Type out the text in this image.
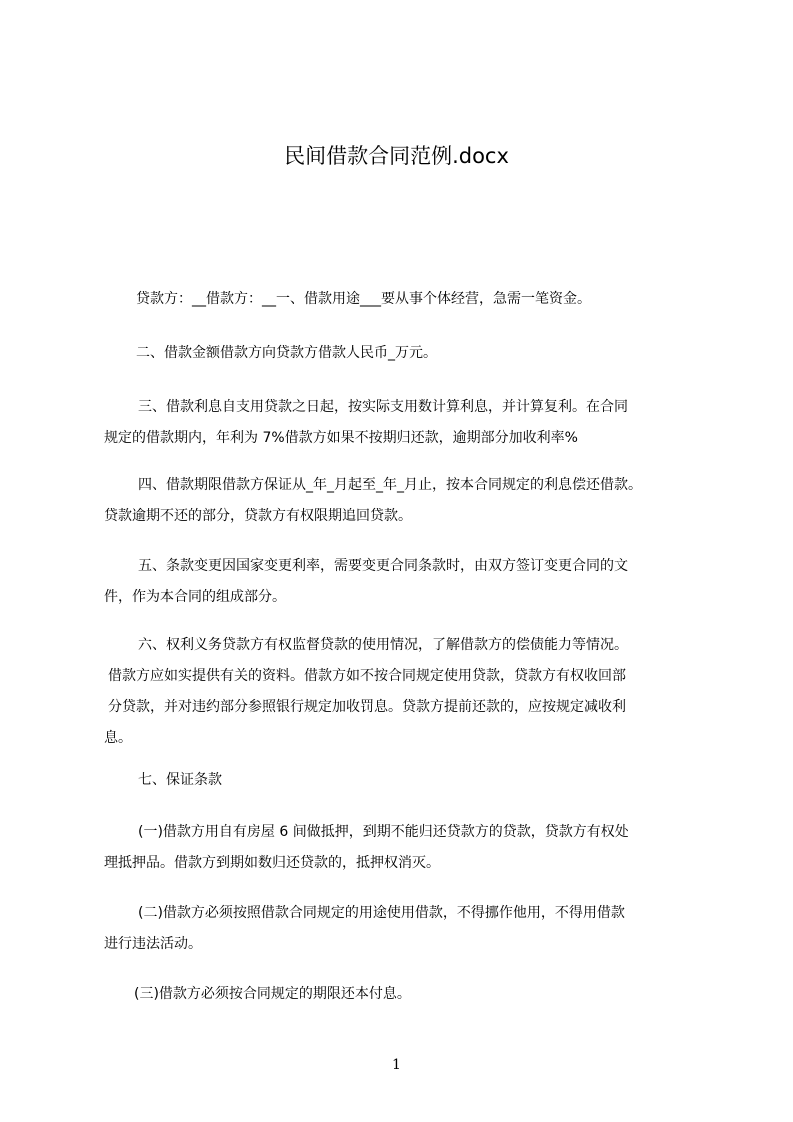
民间借款合同范例.docx
贷款方：__借款方：__一、借款用途___要从事个体经营，急需一笔资金。
二、借款金额借款方向贷款方借款人民币_万元。
三、借款利息自支用贷款之日起，按实际支用数计算利息，并计算复利。在合同
规定的借款期内，年利为 7%借款方如果不按期归还款，逾期部分加收利率%
四、借款期限借款方保证从_年_月起至_年_月止，按本合同规定的利息偿还借款。
贷款逾期不还的部分，贷款方有权限期追回贷款。
五、条款变更因国家变更利率，需要变更合同条款时，由双方签订变更合同的文
件，作为本合同的组成部分。
六、权利义务贷款方有权监督贷款的使用情况，了解借款方的偿债能力等情况。
借款方应如实提供有关的资料。借款方如不按合同规定使用贷款，贷款方有权收回部
分贷款，并对违约部分参照银行规定加收罚息。贷款方提前还款的，应按规定减收利
息。
七、保证条款
(一)借款方用自有房屋 6 间做抵押，到期不能归还贷款方的贷款，贷款方有权处
理抵押品。借款方到期如数归还贷款的，抵押权消灭。
(二)借款方必须按照借款合同规定的用途使用借款，不得挪作他用，不得用借款
进行违法活动。
(三)借款方必须按合同规定的期限还本付息。
1
